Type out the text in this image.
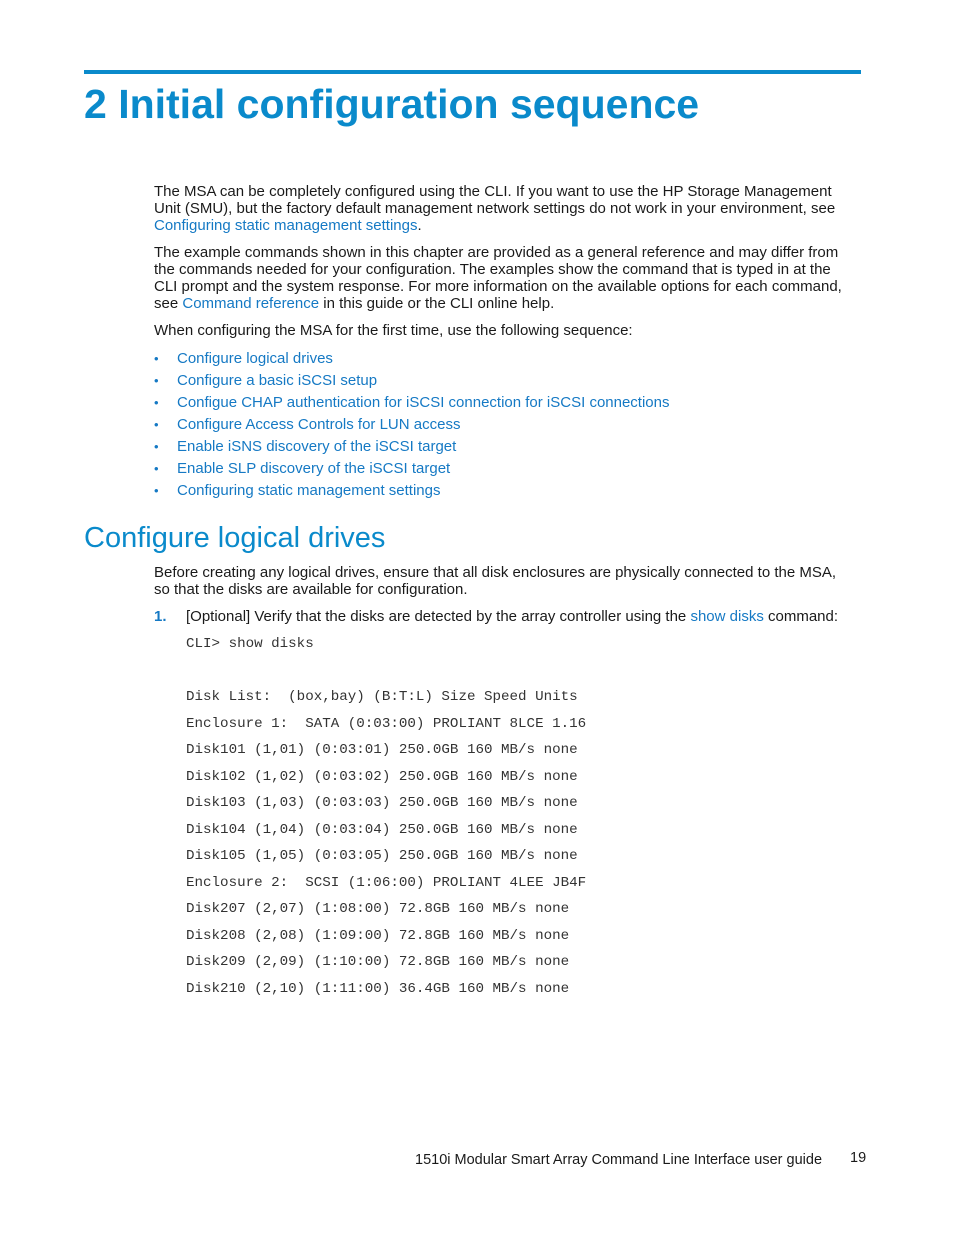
2 Initial configuration sequence

The MSA can be completely configured using the CLI. If you want to use the HP Storage Management Unit (SMU), but the factory default management network settings do not work in your environment, see Configuring static management settings.

The example commands shown in this chapter are provided as a general reference and may differ from the commands needed for your configuration. The examples show the command that is typed in at the CLI prompt and the system response. For more information on the available options for each command, see Command reference in this guide or the CLI online help.

When configuring the MSA for the first time, use the following sequence:

• Configure logical drives
• Configure a basic iSCSI setup
• Configue CHAP authentication for iSCSI connection for iSCSI connections
• Configure Access Controls for LUN access
• Enable iSNS discovery of the iSCSI target
• Enable SLP discovery of the iSCSI target
• Configuring static management settings
Configure logical drives

Before creating any logical drives, ensure that all disk enclosures are physically connected to the MSA, so that the disks are available for configuration.

1. [Optional] Verify that the disks are detected by the array controller using the show disks command:
CLI> show disks
Disk List:  (box,bay) (B:T:L) Size Speed Units
Enclosure 1:  SATA (0:03:00) PROLIANT 8LCE 1.16
Disk101 (1,01) (0:03:01) 250.0GB 160 MB/s none
Disk102 (1,02) (0:03:02) 250.0GB 160 MB/s none
Disk103 (1,03) (0:03:03) 250.0GB 160 MB/s none
Disk104 (1,04) (0:03:04) 250.0GB 160 MB/s none
Disk105 (1,05) (0:03:05) 250.0GB 160 MB/s none
Enclosure 2:  SCSI (1:06:00) PROLIANT 4LEE JB4F
Disk207 (2,07) (1:08:00) 72.8GB 160 MB/s none
Disk208 (2,08) (1:09:00) 72.8GB 160 MB/s none
Disk209 (2,09) (1:10:00) 72.8GB 160 MB/s none
Disk210 (2,10) (1:11:00) 36.4GB 160 MB/s none
1510i Modular Smart Array Command Line Interface user guide 19
